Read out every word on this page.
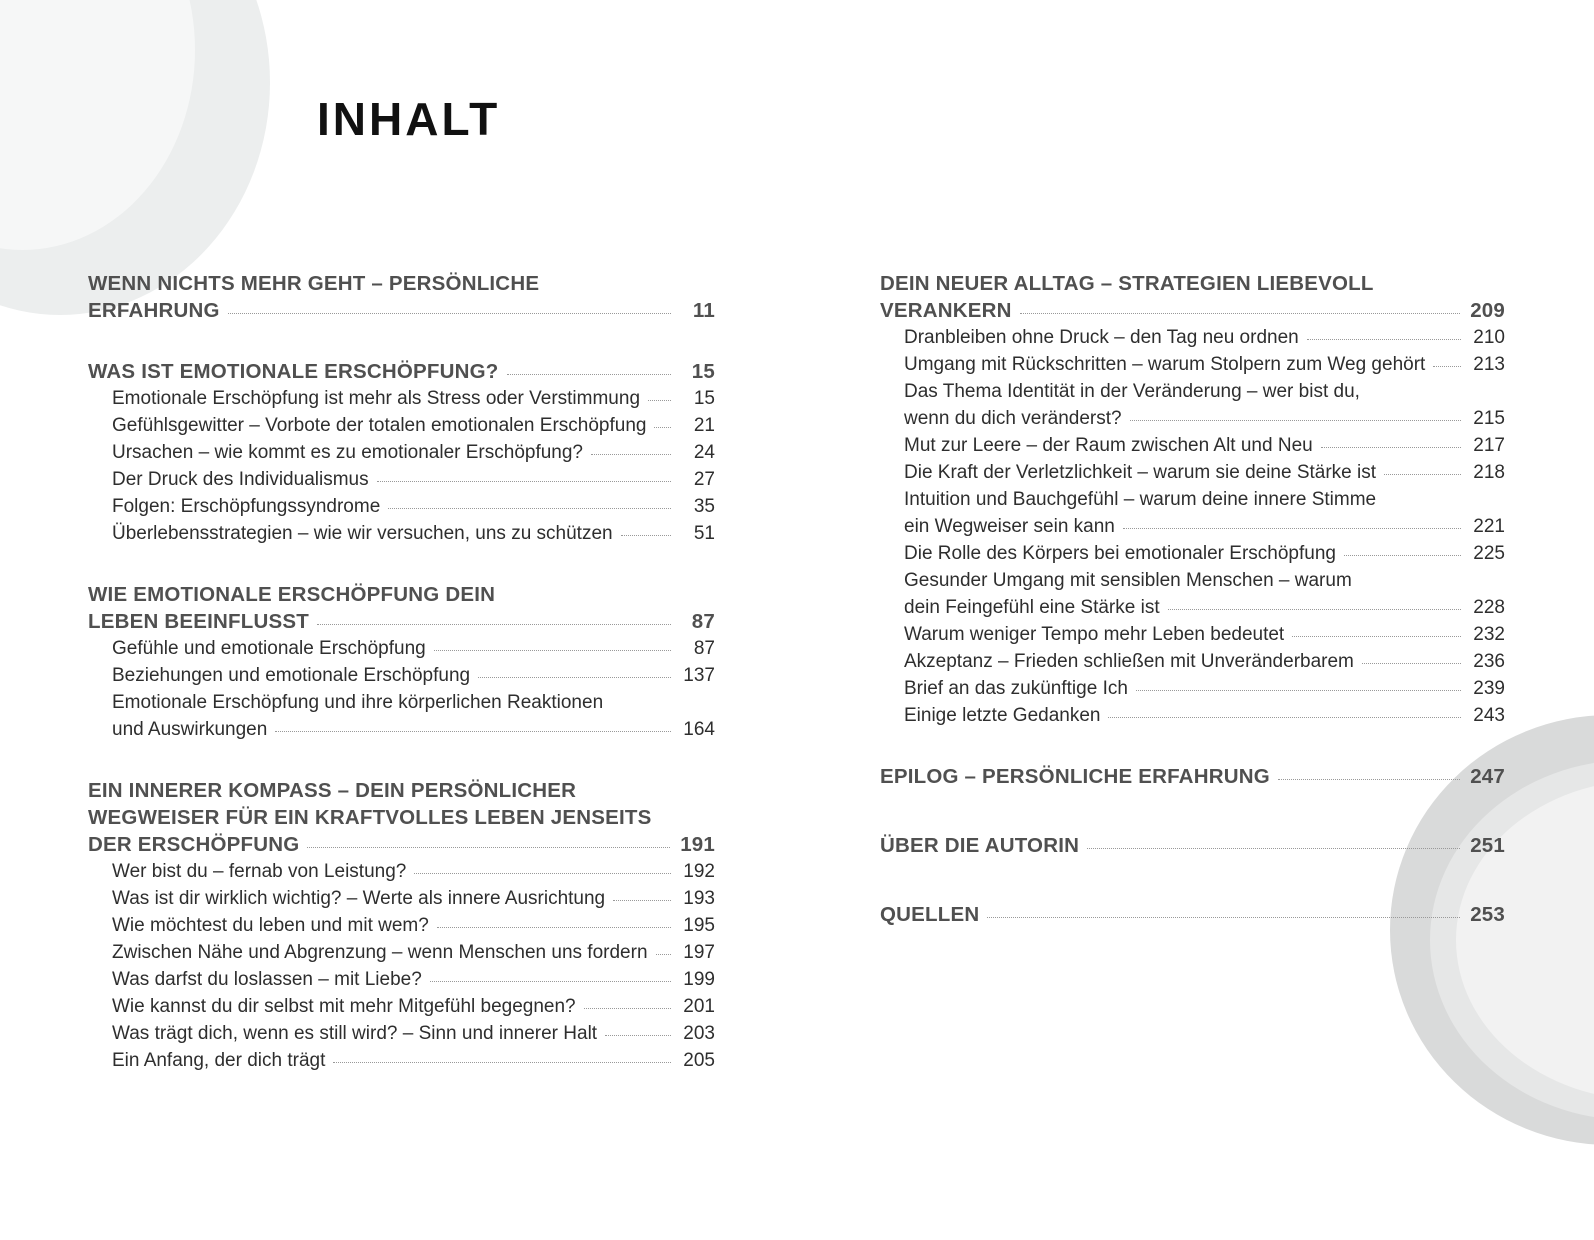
INHALT
WENN NICHTS MEHR GEHT – PERSÖNLICHE
ERFAHRUNG	11
WAS IST EMOTIONALE ERSCHÖPFUNG?	15
Emotionale Erschöpfung ist mehr als Stress oder Verstimmung	15
Gefühlsgewitter – Vorbote der totalen emotionalen Erschöpfung	21
Ursachen – wie kommt es zu emotionaler Erschöpfung?	24
Der Druck des Individualismus	27
Folgen: Erschöpfungssyndrome	35
Überlebensstrategien – wie wir versuchen, uns zu schützen	51
WIE EMOTIONALE ERSCHÖPFUNG DEIN
LEBEN BEEINFLUSST	87
Gefühle und emotionale Erschöpfung	87
Beziehungen und emotionale Erschöpfung	137
Emotionale Erschöpfung und ihre körperlichen Reaktionen
und Auswirkungen	164
EIN INNERER KOMPASS – DEIN PERSÖNLICHER
WEGWEISER FÜR EIN KRAFTVOLLES LEBEN JENSEITS
DER ERSCHÖPFUNG	191
Wer bist du – fernab von Leistung?	192
Was ist dir wirklich wichtig? – Werte als innere Ausrichtung	193
Wie möchtest du leben und mit wem?	195
Zwischen Nähe und Abgrenzung – wenn Menschen uns fordern 197
Was darfst du loslassen – mit Liebe?	199
Wie kannst du dir selbst mit mehr Mitgefühl begegnen?	201
Was trägt dich, wenn es still wird? – Sinn und innerer Halt	203
Ein Anfang, der dich trägt	205
DEIN NEUER ALLTAG – STRATEGIEN LIEBEVOLL
VERANKERN	209
Dranbleiben ohne Druck – den Tag neu ordnen	210
Umgang mit Rückschritten – warum Stolpern zum Weg gehört	213
Das Thema Identität in der Veränderung – wer bist du,
wenn du dich veränderst?	215
Mut zur Leere – der Raum zwischen Alt und Neu	217
Die Kraft der Verletzlichkeit – warum sie deine Stärke ist	218
Intuition und Bauchgefühl – warum deine innere Stimme
ein Wegweiser sein kann	221
Die Rolle des Körpers bei emotionaler Erschöpfung	225
Gesunder Umgang mit sensiblen Menschen – warum
dein Feingefühl eine Stärke ist	228
Warum weniger Tempo mehr Leben bedeutet	232
Akzeptanz – Frieden schließen mit Unveränderbarem	236
Brief an das zukünftige Ich	239
Einige letzte Gedanken	243
EPILOG – PERSÖNLICHE ERFAHRUNG	247
ÜBER DIE AUTORIN	251
QUELLEN	253
